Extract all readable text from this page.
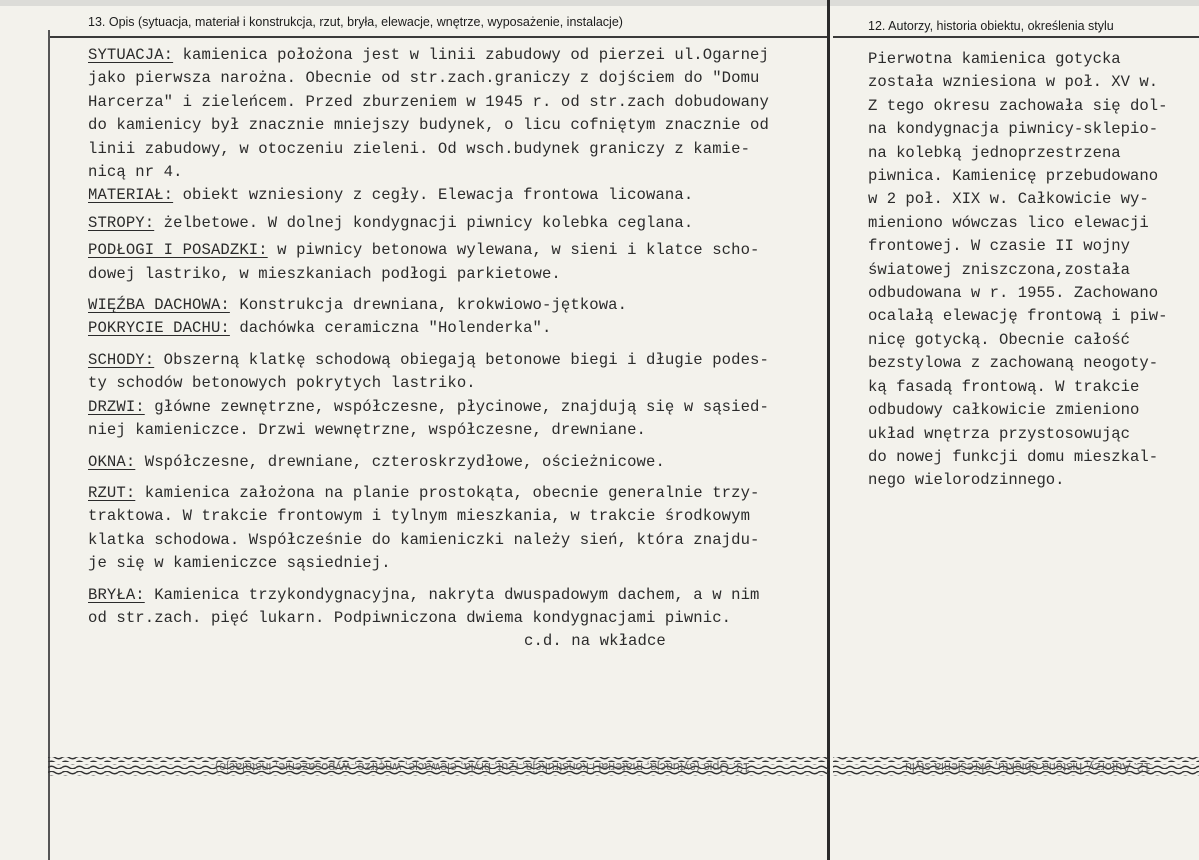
13. Opis (sytuacja, materiał i konstrukcja, rzut, bryła, elewacje, wnętrze, wyposażenie, instalacje)	12. Autorzy, historia obiektu, określenia stylu
SYTUACJA: kamienica położona jest w linii zabudowy od pierzei ul.Ogarnej
jako pierwsza narożna. Obecnie od str.zach.graniczy z dojściem do "Domu
Harcerza" i zieleńcem. Przed zburzeniem w 1945 r. od str.zach dobudowany
do kamienicy był znacznie mniejszy budynek, o licu cofniętym znacznie od
linii zabudowy, w otoczeniu zieleni. Od wsch.budynek graniczy z kamie-
nicą nr 4.
MATERIAŁ: obiekt wzniesiony z cegły. Elewacja frontowa licowana.
STROPY: żelbetowe. W dolnej kondygnacji piwnicy kolebka ceglana.
PODŁOGI I POSADZKI: w piwnicy betonowa wylewana, w sieni i klatce scho-
dowej lastriko, w mieszkaniach podłogi parkietowe.
WIĘŹBA DACHOWA: Konstrukcja drewniana, krokwiowo-jętkowa.
POKRYCIE DACHU: dachówka ceramiczna "Holenderka".
SCHODY: Obszerną klatkę schodową obiegają betonowe biegi i długie podes-
ty schodów betonowych pokrytych lastriko.
DRZWI: główne zewnętrzne, współczesne, płycinowe, znajdują się w sąsied-
niej kamieniczce. Drzwi wewnętrzne, współczesne, drewniane.
OKNA: Współczesne, drewniane, czteroskrzydłowe, ościeżnicowe.
RZUT: kamienica założona na planie prostokąta, obecnie generalnie trzy-
traktowa. W trakcie frontowym i tylnym mieszkania, w trakcie środkowym
klatka schodowa. Współcześnie do kamieniczki należy sień, która znajdu-
je się w kamieniczce sąsiedniej.
BRYŁA: Kamienica trzykondygnacyjna, nakryta dwuspadowym dachem, a w nim
od str.zach. pięć lukarn. Podpiwniczona dwiema kondygnacjami piwnic.
c.d. na wkładce
Pierwotna kamienica gotycka
została wzniesiona w poł. XV w.
Z tego okresu zachowała się dol-
na kondygnacja piwnicy-sklepio-
na kolebką jednoprzestrzena
piwnica. Kamienicę przebudowano
w 2 poł. XIX w. Całkowicie wy-
mieniono wówczas lico elewacji
frontowej. W czasie II wojny
światowej zniszczona,została
odbudowana w r. 1955. Zachowano
ocalałą elewację frontową i piw-
nicę gotycką. Obecnie całość
bezstylowa z zachowaną neogoty-
ką fasadą frontową. W trakcie
odbudowy całkowicie zmieniono
układ wnętrza przystosowując
do nowej funkcji domu mieszkal-
nego wielorodzinnego.
13. Opis (sytuacja, materiał i konstrukcja, rzut, bryła, elewacje, wnętrze, wyposażenie, instalacje)	12. Autorzy, historia obiektu, określenia stylu
